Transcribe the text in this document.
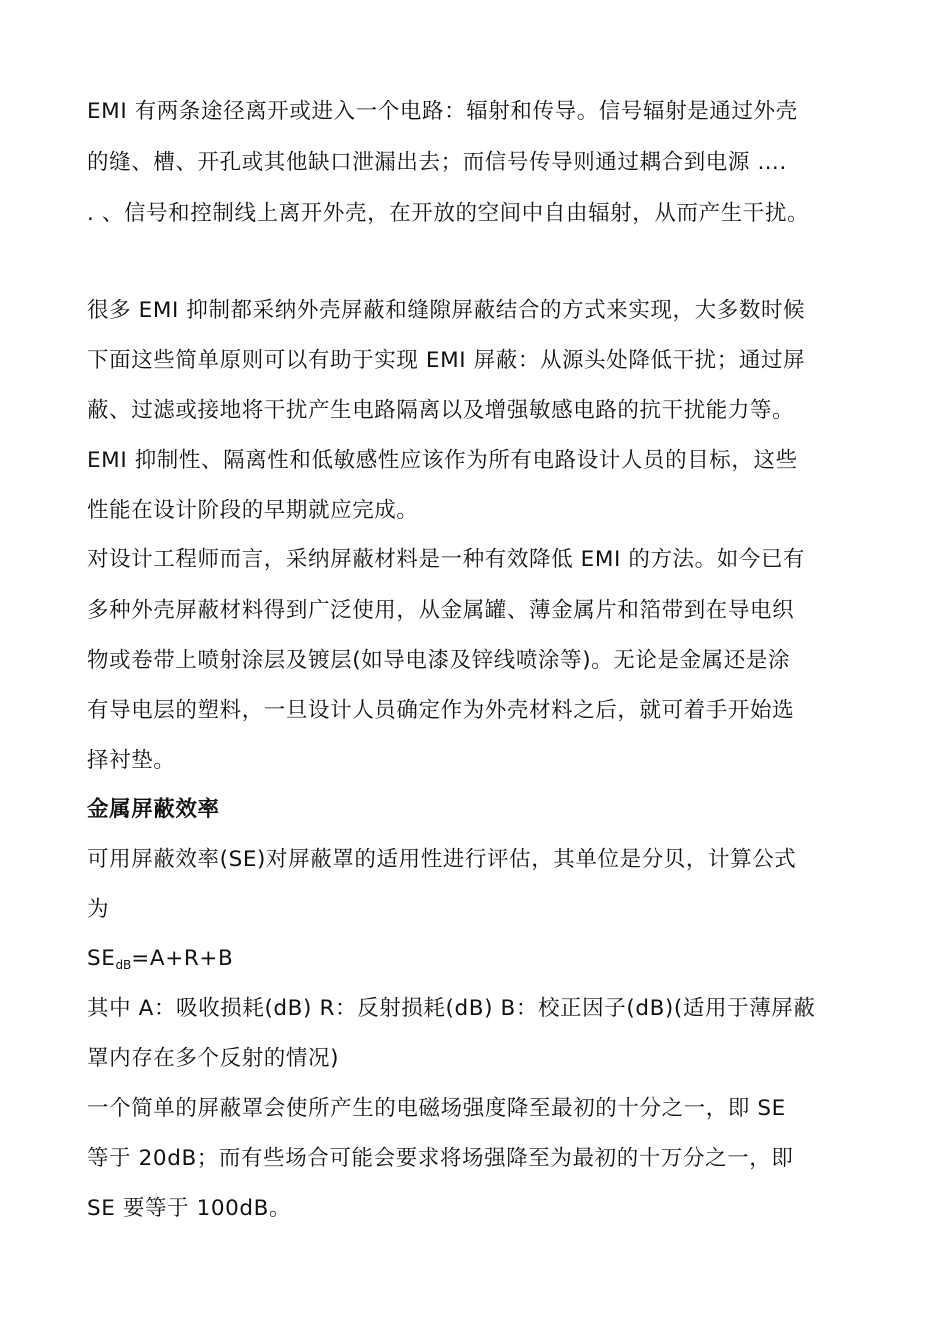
EMI 有两条途径离开或进入一个电路：辐射和传导。信号辐射是通过外壳
的缝、槽、开孔或其他缺口泄漏出去；而信号传导则通过耦合到电源 ….
. 、信号和控制线上离开外壳，在开放的空间中自由辐射，从而产生干扰。
很多 EMI 抑制都采纳外壳屏蔽和缝隙屏蔽结合的方式来实现，大多数时候
下面这些简单原则可以有助于实现 EMI 屏蔽：从源头处降低干扰；通过屏
蔽、过滤或接地将干扰产生电路隔离以及增强敏感电路的抗干扰能力等。
EMI 抑制性、隔离性和低敏感性应该作为所有电路设计人员的目标，这些
性能在设计阶段的早期就应完成。
对设计工程师而言，采纳屏蔽材料是一种有效降低 EMI 的方法。如今已有
多种外壳屏蔽材料得到广泛使用，从金属罐、薄金属片和箔带到在导电织
物或卷带上喷射涂层及镀层(如导电漆及锌线喷涂等)。无论是金属还是涂
有导电层的塑料，一旦设计人员确定作为外壳材料之后，就可着手开始选
择衬垫。
金属屏蔽效率
可用屏蔽效率(SE)对屏蔽罩的适用性进行评估，其单位是分贝，计算公式
为
$SE_{dB}=A+R+B$
其中 A：吸收损耗(dB) R：反射损耗(dB) B：校正因子(dB)(适用于薄屏蔽
罩内存在多个反射的情况)
一个简单的屏蔽罩会使所产生的电磁场强度降至最初的十分之一，即 SE
等于 20dB；而有些场合可能会要求将场强降至为最初的十万分之一，即
SE 要等于 100dB。
